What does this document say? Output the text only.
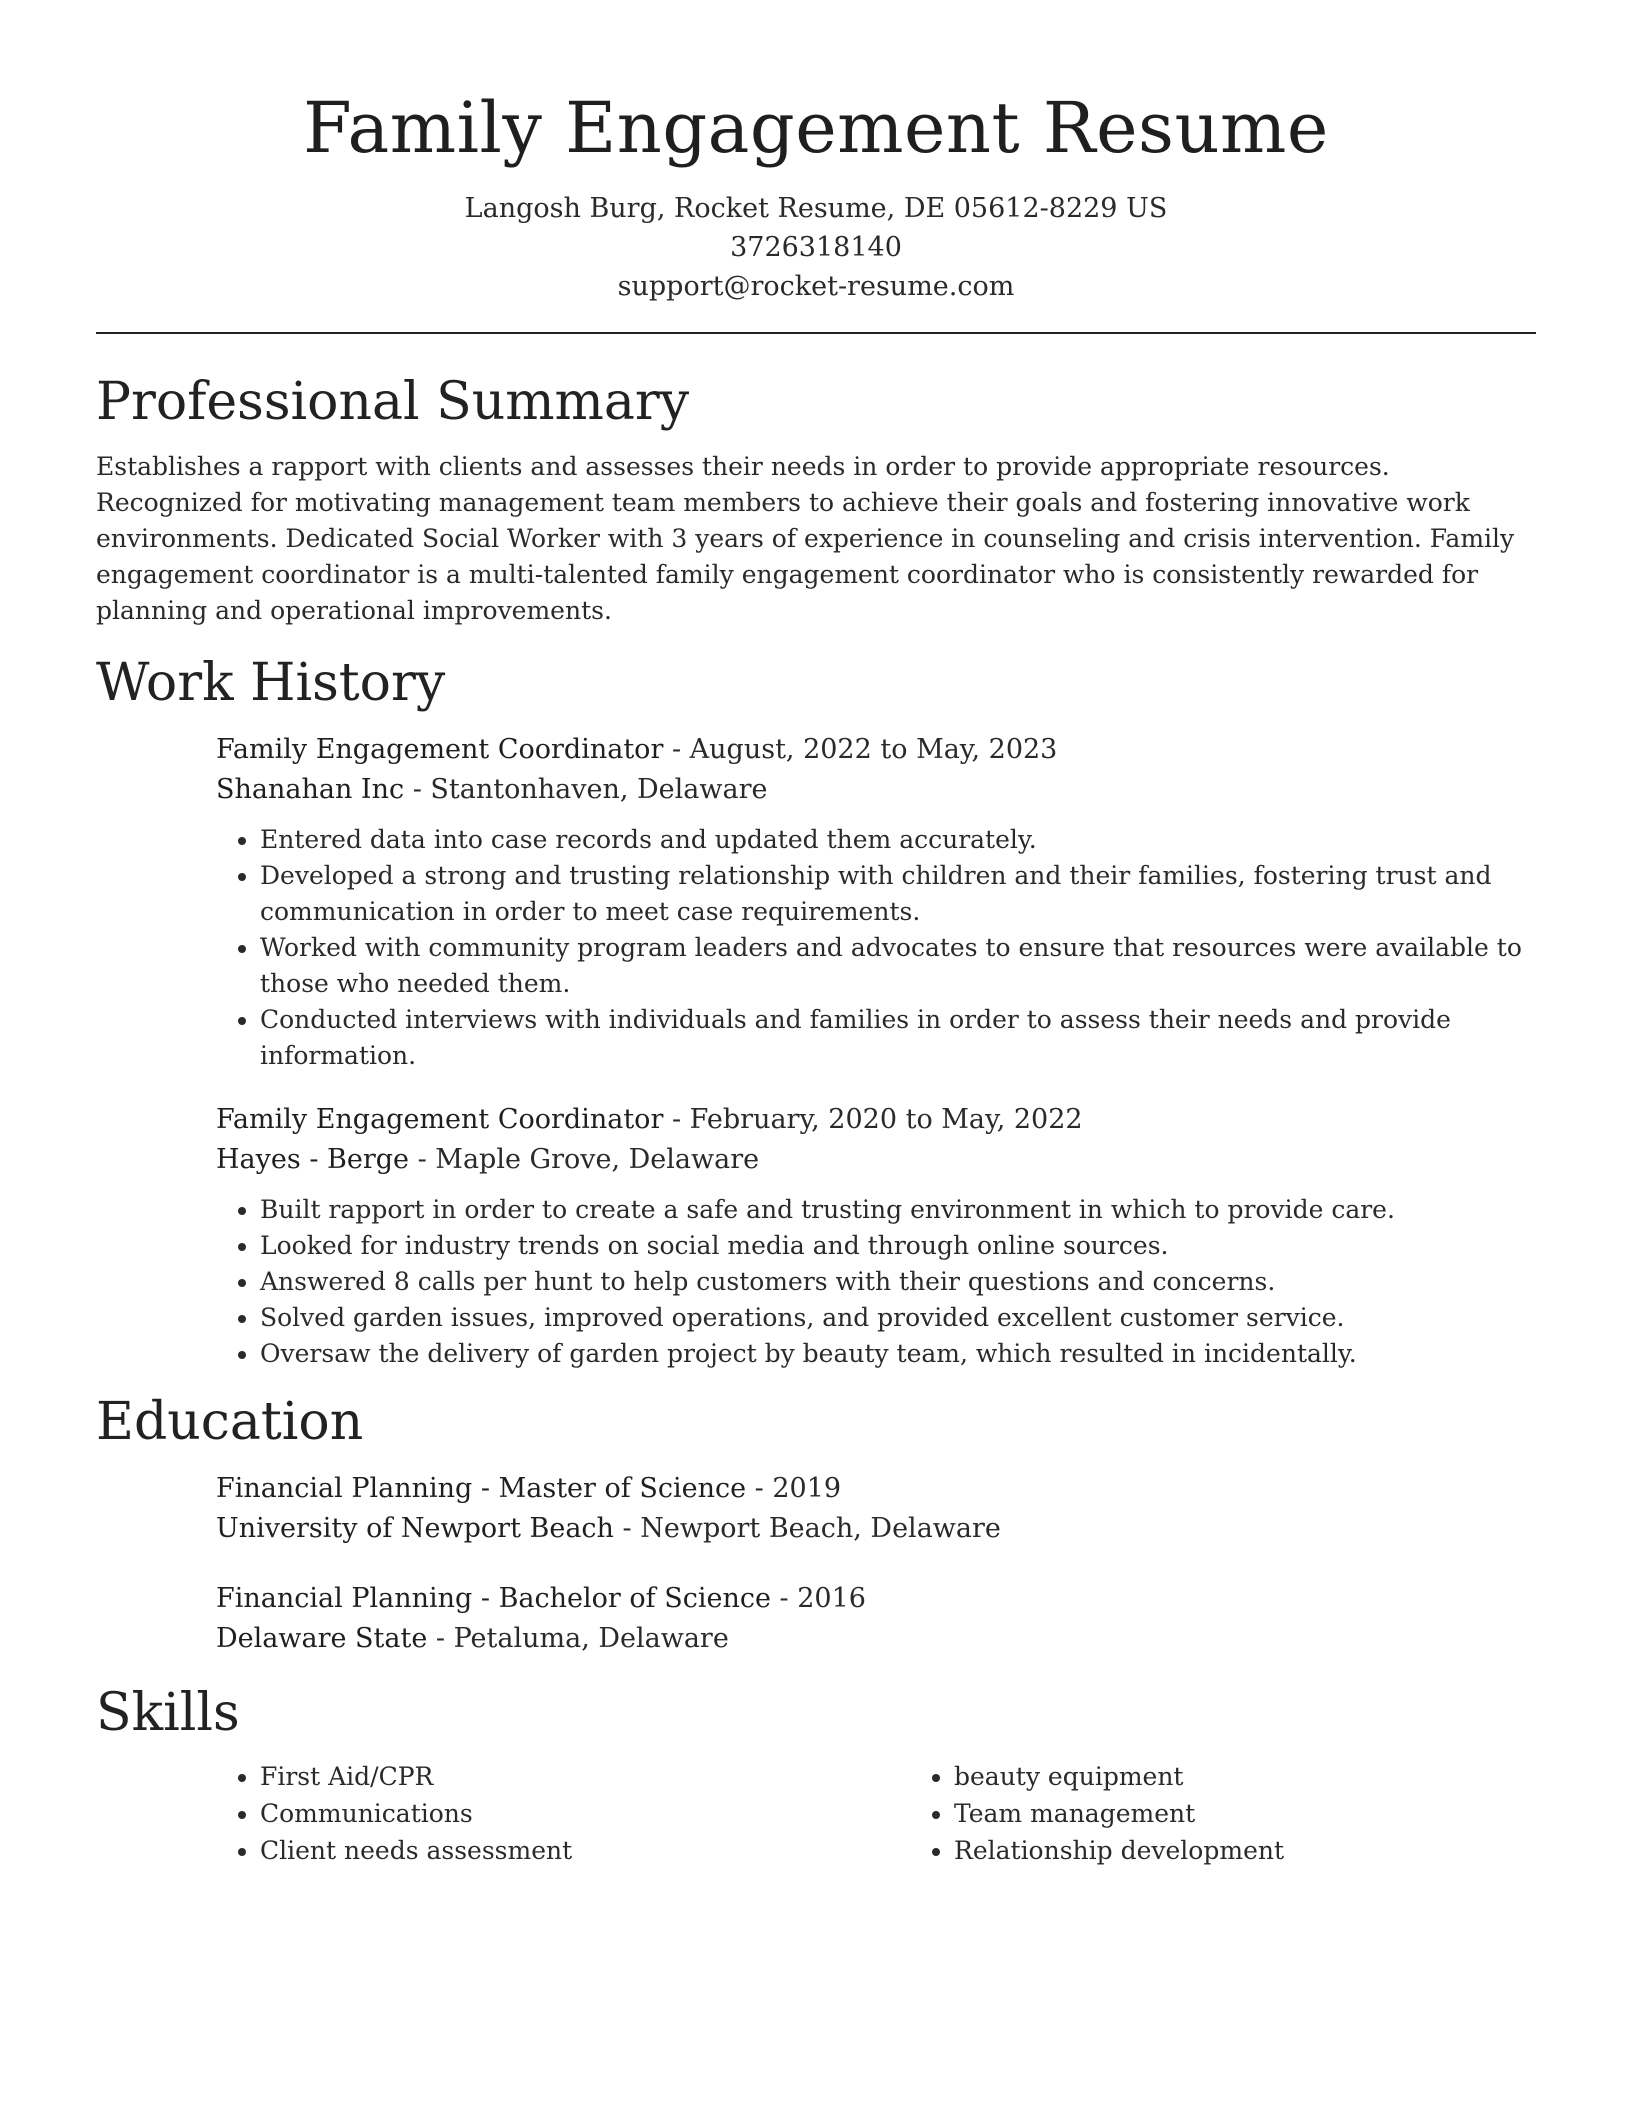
Family Engagement Resume
Langosh Burg, Rocket Resume, DE 05612-8229 US
3726318140
support@rocket-resume.com
Professional Summary

Establishes a rapport with clients and assesses their needs in order to provide appropriate resources. Recognized for motivating management team members to achieve their goals and fostering innovative work environments. Dedicated Social Worker with 3 years of experience in counseling and crisis intervention. Family engagement coordinator is a multi-talented family engagement coordinator who is consistently rewarded for planning and operational improvements.

Work History
Family Engagement Coordinator - August, 2022 to May, 2023
Shanahan Inc - Stantonhaven, Delaware
• Entered data into case records and updated them accurately.
• Developed a strong and trusting relationship with children and their families, fostering trust and communication in order to meet case requirements.
• Worked with community program leaders and advocates to ensure that resources were available to those who needed them.
• Conducted interviews with individuals and families in order to assess their needs and provide information.
Family Engagement Coordinator - February, 2020 to May, 2022
Hayes - Berge - Maple Grove, Delaware
• Built rapport in order to create a safe and trusting environment in which to provide care.
• Looked for industry trends on social media and through online sources.
• Answered 8 calls per hunt to help customers with their questions and concerns.
• Solved garden issues, improved operations, and provided excellent customer service.
• Oversaw the delivery of garden project by beauty team, which resulted in incidentally.
Education
Financial Planning - Master of Science - 2019
University of Newport Beach - Newport Beach, Delaware
Financial Planning - Bachelor of Science - 2016
Delaware State - Petaluma, Delaware
Skills
• First Aid/CPR
• Communications
• Client needs assessment
• beauty equipment
• Team management
• Relationship development
